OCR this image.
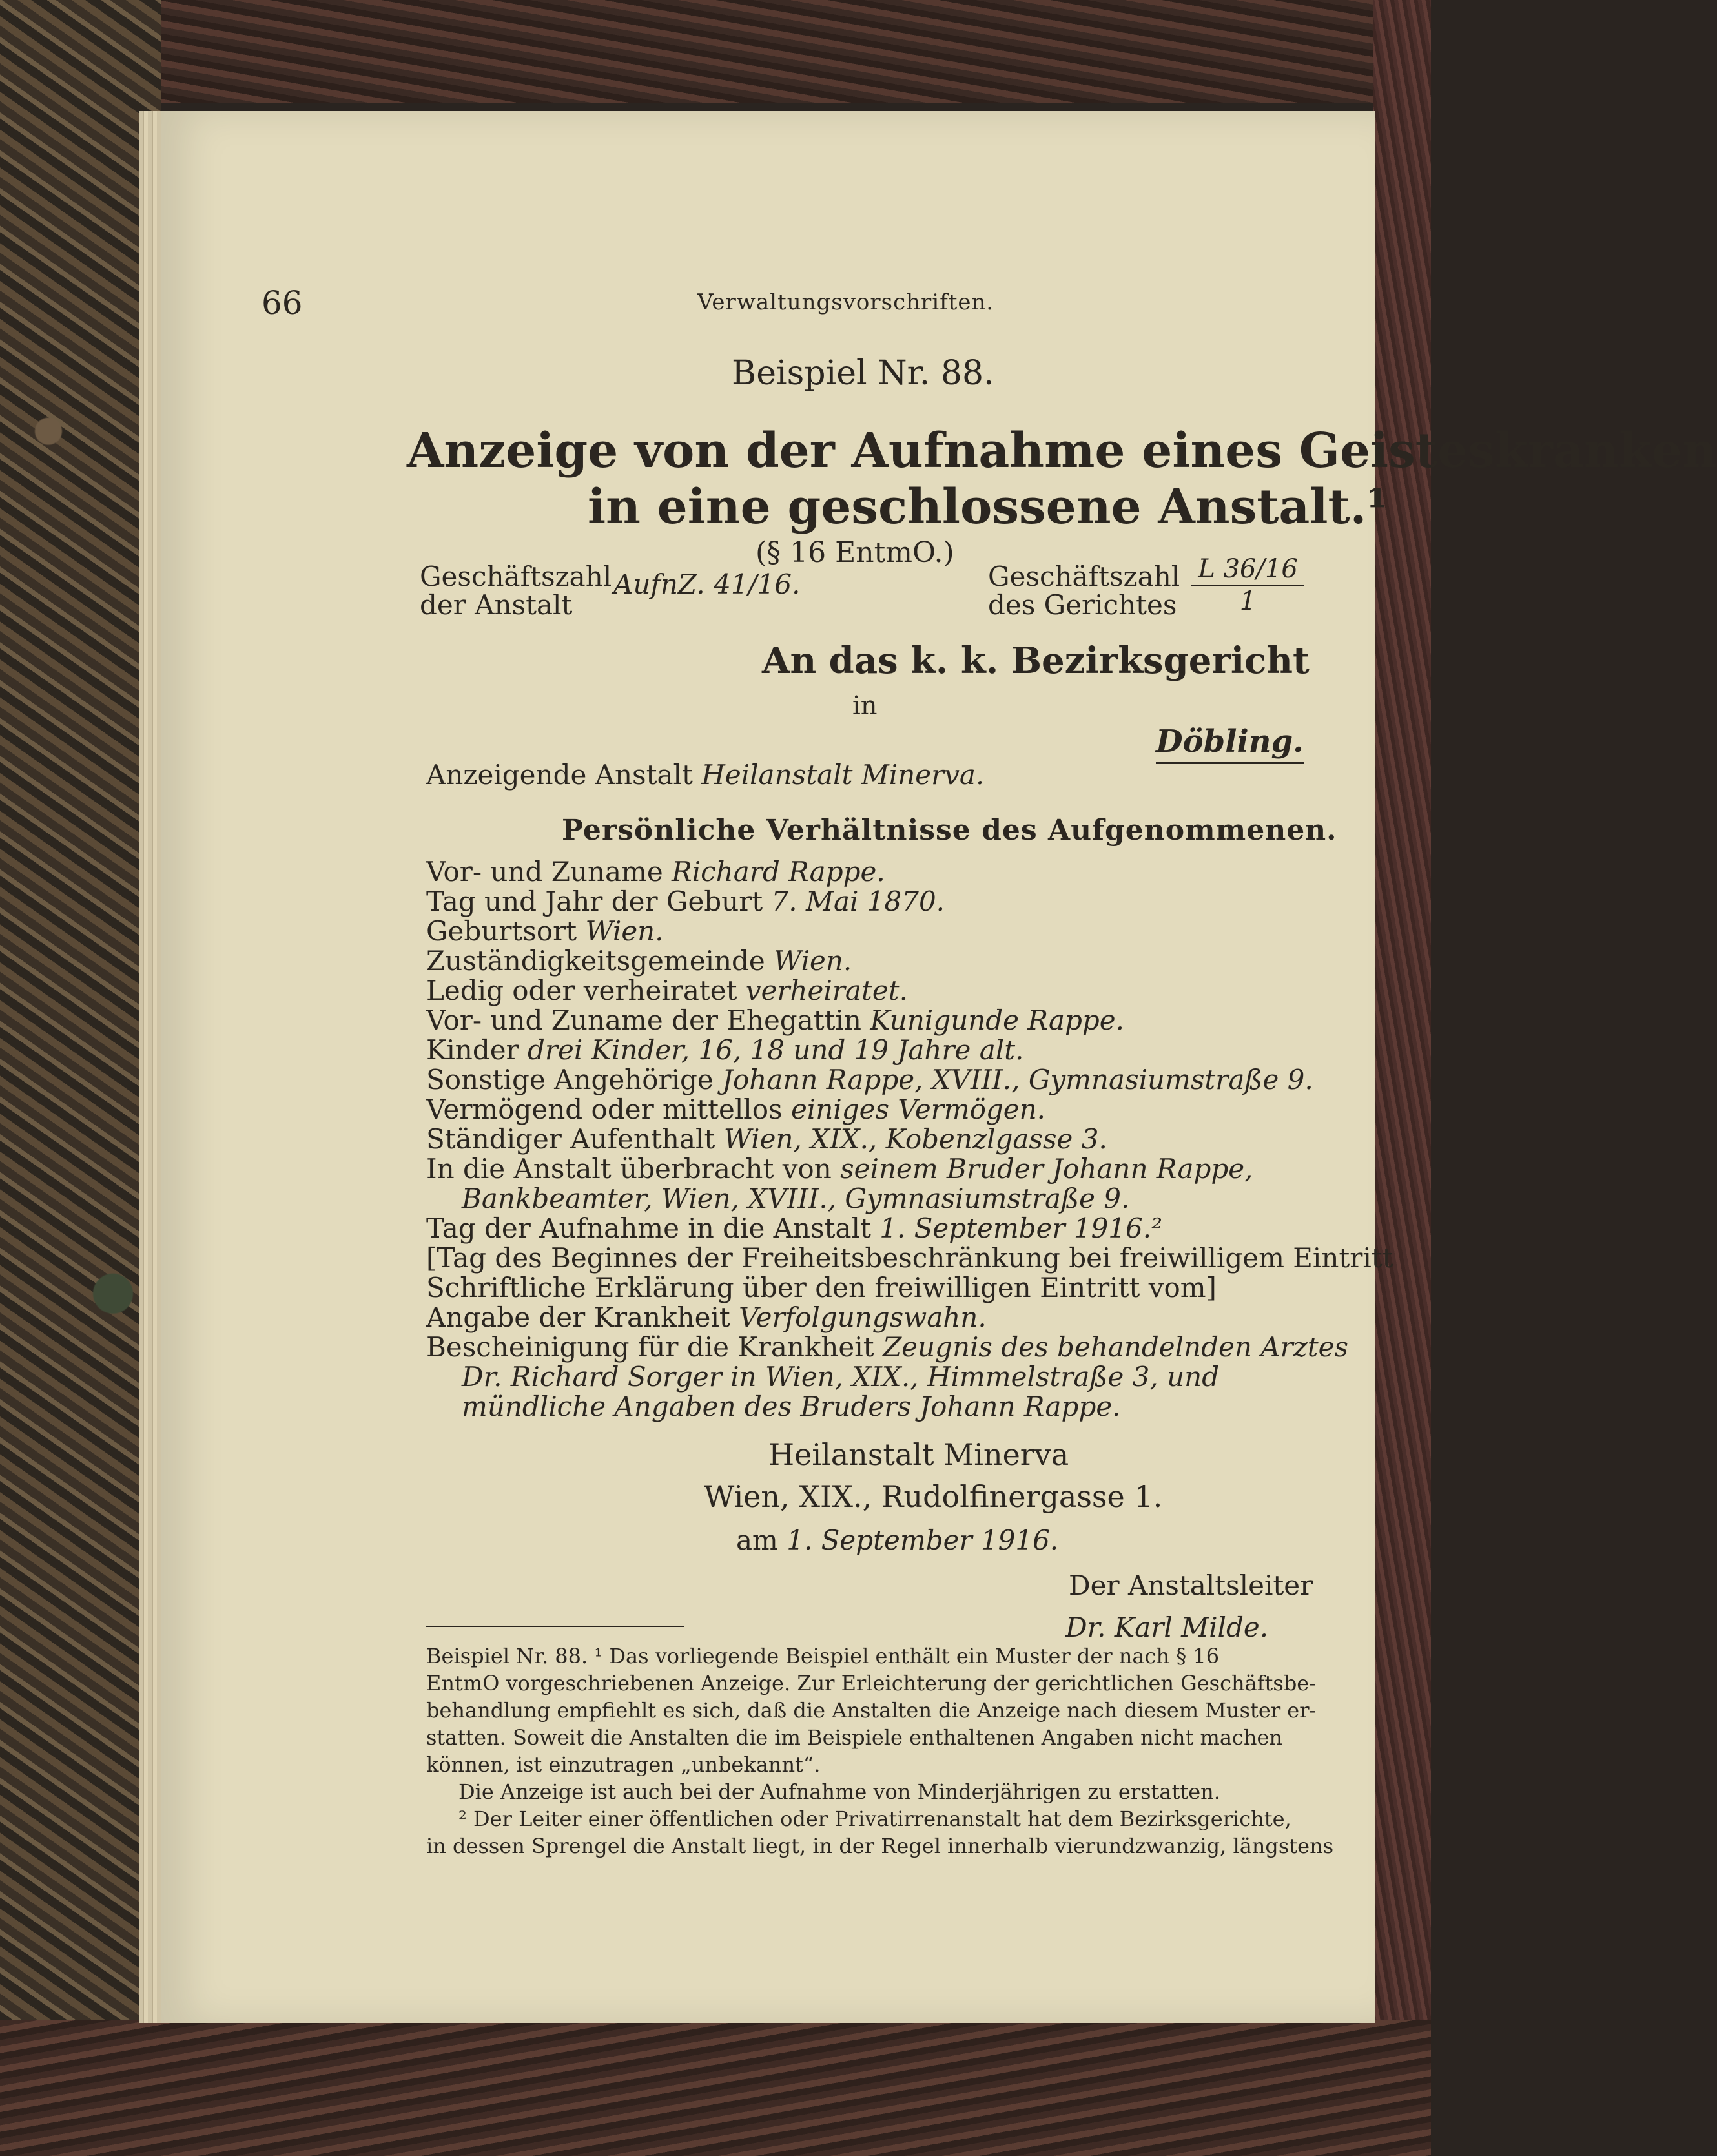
66	Verwaltungsvorschriften.
Beispiel Nr. 88.
Anzeige von der Aufnahme eines Geisteskranken
in eine geschlossene Anstalt.¹
(§ 16 EntmO.)
Geschäftszahl
der Anstalt
AufnZ. 41/16.	Geschäftszahl
des Gerichtes $\frac{L 36/16}{1}$
An das k. k. Bezirksgericht
in
Döbling.
Anzeigende Anstalt Heilanstalt Minerva.
Persönliche Verhältnisse des Aufgenommenen.
Vor- und Zuname Richard Rappe.
Tag und Jahr der Geburt 7. Mai 1870.
Geburtsort Wien.
Zuständigkeitsgemeinde Wien.
Ledig oder verheiratet verheiratet.
Vor- und Zuname der Ehegattin Kunigunde Rappe.
Kinder drei Kinder, 16, 18 und 19 Jahre alt.
Sonstige Angehörige Johann Rappe, XVIII., Gymnasiumstraße 9.
Vermögend oder mittellos einiges Vermögen.
Ständiger Aufenthalt Wien, XIX., Kobenzlgasse 3.
In die Anstalt überbracht von seinem Bruder Johann Rappe,
Bankbeamter, Wien, XVIII., Gymnasiumstraße 9.
Tag der Aufnahme in die Anstalt 1. September 1916.²
[Tag des Beginnes der Freiheitsbeschränkung bei freiwilligem Eintritt
Schriftliche Erklärung über den freiwilligen Eintritt vom]
Angabe der Krankheit Verfolgungswahn.
Bescheinigung für die Krankheit Zeugnis des behandelnden Arztes
Dr. Richard Sorger in Wien, XIX., Himmelstraße 3, und
mündliche Angaben des Bruders Johann Rappe.
Heilanstalt Minerva
Wien, XIX., Rudolfinergasse 1.
am 1. September 1916.
Der Anstaltsleiter
Dr. Karl Milde.
Beispiel Nr. 88. ¹ Das vorliegende Beispiel enthält ein Muster der nach § 16
EntmO vorgeschriebenen Anzeige. Zur Erleichterung der gerichtlichen Geschäftsbe-
behandlung empfiehlt es sich, daß die Anstalten die Anzeige nach diesem Muster er-
statten. Soweit die Anstalten die im Beispiele enthaltenen Angaben nicht machen
können, ist einzutragen „unbekannt“.
Die Anzeige ist auch bei der Aufnahme von Minderjährigen zu erstatten.
² Der Leiter einer öffentlichen oder Privatirrenanstalt hat dem Bezirksgerichte,
in dessen Sprengel die Anstalt liegt, in der Regel innerhalb vierundzwanzig, längstens
